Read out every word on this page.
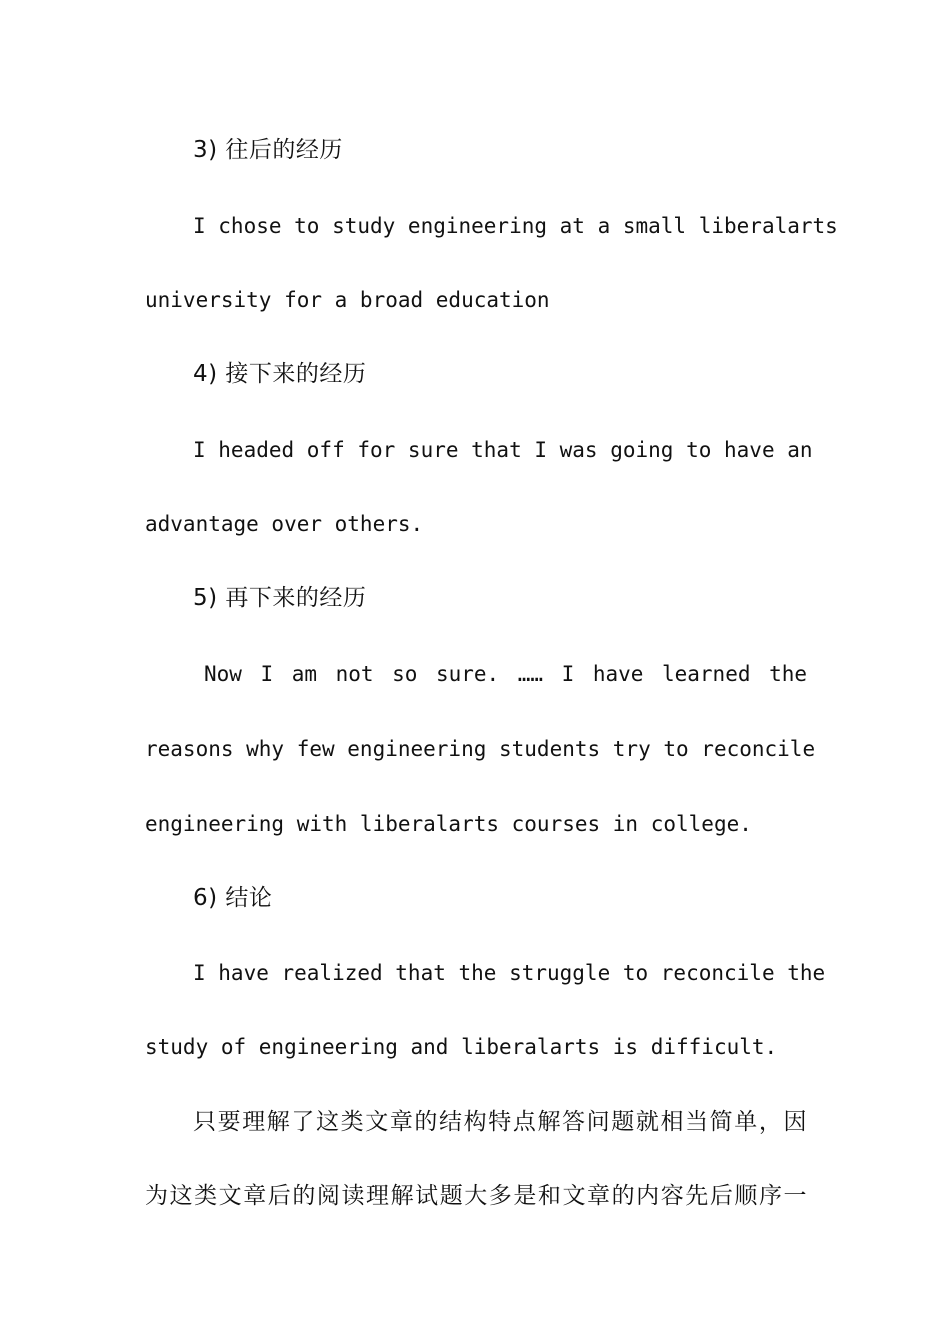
3) 往后的经历
I chose to study engineering at a small liberalarts
university for a broad education
4) 接下来的经历
I headed off for sure that I was going to have an
advantage over others.
5) 再下来的经历
Now I am not so sure. …… I have learned the
reasons why few engineering students try to reconcile
engineering with liberalarts courses in college.
6) 结论
I have realized that the struggle to reconcile the
study of engineering and liberalarts is difficult.
只要理解了这类文章的结构特点解答问题就相当简单，因
为这类文章后的阅读理解试题大多是和文章的内容先后顺序一
